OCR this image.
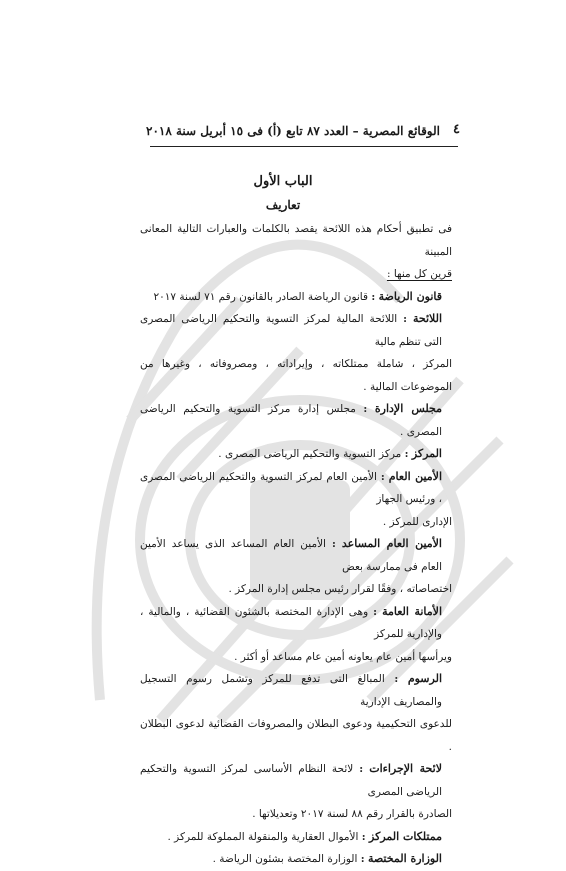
٤
الوقائع المصرية – العدد ٨٧ تابع (أ) فى ١٥ أبريل سنة ٢٠١٨
الباب الأول
تعاريف

فى تطبيق أحكام هذه اللائحة يقصد بالكلمات والعبارات التالية المعانى المبينة

قرين كل منها :

قانون الرياضة : قانون الرياضة الصادر بالقانون رقم ٧١ لسنة ٢٠١٧

اللائحة : اللائحة المالية لمركز التسوية والتحكيم الرياضى المصرى التى تنظم مالية
المركز ، شاملة ممتلكاته ، وإيراداته ، ومصروفاته ، وغيرها من الموضوعات المالية .

مجلس الإدارة : مجلس إدارة مركز التسوية والتحكيم الرياضى المصرى .

المركز : مركز التسوية والتحكيم الرياضى المصرى .

الأمين العام : الأمين العام لمركز التسوية والتحكيم الرياضى المصرى ، ورئيس الجهاز
الإدارى للمركز .

الأمين العام المساعد : الأمين العام المساعد الذى يساعد الأمين العام فى ممارسة بعض
اختصاصاته ، وفقًا لقرار رئيس مجلس إدارة المركز .

الأمانة العامة : وهى الإدارة المختصة بالشئون القضائية ، والمالية ، والإدارية للمركز
ويرأسها أمين عام يعاونه أمين عام مساعد أو أكثر .

الرسوم : المبالغ التى تدفع للمركز وتشمل رسوم التسجيل والمصاريف الإدارية
للدعوى التحكيمية ودعوى البطلان والمصروفات القضائية لدعوى البطلان .

لائحة الإجراءات : لائحة النظام الأساسى لمركز التسوية والتحكيم الرياضى المصرى
الصادرة بالقرار رقم ٨٨ لسنة ٢٠١٧ وتعديلاتها .

ممتلكات المركز : الأموال العقارية والمنقولة المملوكة للمركز .

الوزارة المختصة : الوزارة المختصة بشئون الرياضة .
